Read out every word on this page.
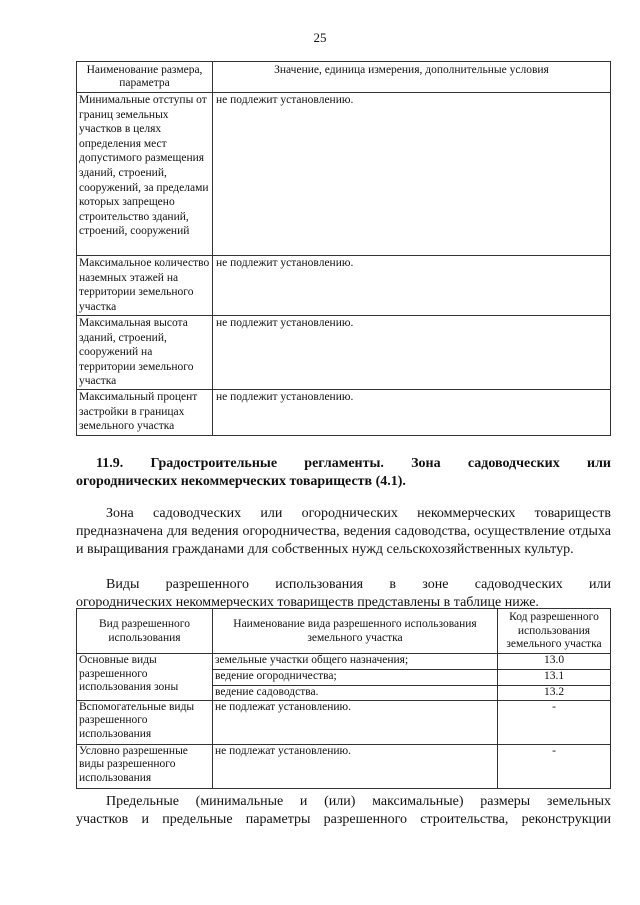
25
Наименование размера, параметра	Значение, единица измерения, дополнительные условия
Минимальные отступы от границ земельных участков в целях определения мест допустимого размещения зданий, строений, сооружений, за пределами которых запрещено строительство зданий, строений, сооружений	не подлежит установлению.
Максимальное количество наземных этажей на территории земельного участка	не подлежит установлению.
Максимальная высота зданий, строений, сооружений на территории земельного участка	не подлежит установлению.
Максимальный процент застройки в границах земельного участка	не подлежит установлению.
11.9. Градостроительные регламенты. Зона садоводческих или
огороднических некоммерческих товариществ (4.1).
Зона садоводческих или огороднических некоммерческих товариществ предназначена для ведения огородничества, ведения садоводства, осуществление отдыха и выращивания гражданами для собственных нужд сельскохозяйственных культур.
Виды разрешенного использования в зоне садоводческих или
огороднических некоммерческих товариществ представлены в таблице ниже.
Вид разрешенного использования	Наименование вида разрешенного использования земельного участка	Код разрешенного использования земельного участка
Основные виды разрешенного использования зоны	земельные участки общего назначения;	13.0
	ведение огородничества;	13.1
	ведение садоводства.	13.2
Вспомогательные виды разрешенного использования	не подлежат установлению.	-
Условно разрешенные виды разрешенного использования	не подлежат установлению.	-
Предельные (минимальные и (или) максимальные) размеры земельных
участков и предельные параметры разрешенного строительства, реконструкции
